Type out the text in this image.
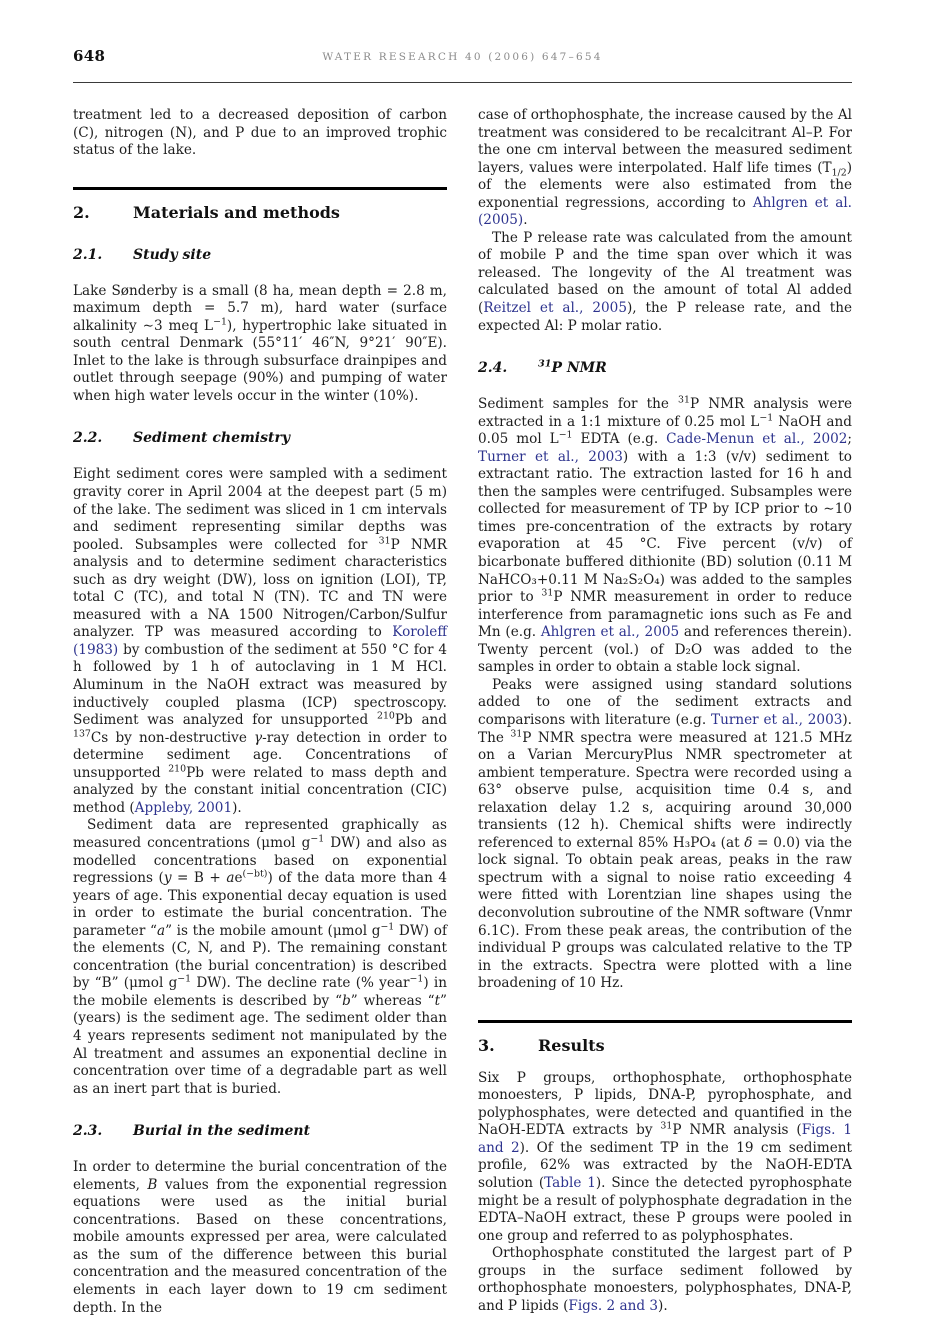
648	WATER RESEARCH 40 (2006) 647–654

treatment led to a decreased deposition of carbon (C), nitrogen (N), and P due to an improved trophic status of the lake.

2.	Materials and methods
2.1.	Study site

Lake Sønderby is a small (8 ha, mean depth = 2.8 m, maximum depth = 5.7 m), hard water (surface alkalinity ∼3 meq $L^{-1}$), hypertrophic lake situated in south central Denmark (55°11′ 46″N, 9°21′ 90″E). Inlet to the lake is through subsurface drainpipes and outlet through seepage (90%) and pumping of water when high water levels occur in the winter (10%).

2.2.	Sediment chemistry

Eight sediment cores were sampled with a sediment gravity corer in April 2004 at the deepest part (5 m) of the lake. The sediment was sliced in 1 cm intervals and sediment representing similar depths was pooled. Subsamples were collected for $^{31}$P NMR analysis and to determine sediment characteristics such as dry weight (DW), loss on ignition (LOI), TP, total C (TC), and total N (TN). TC and TN were measured with a NA 1500 Nitrogen/Carbon/Sulfur analyzer. TP was measured according to Koroleff (1983) by combustion of the sediment at 550 °C for 4 h followed by 1 h of autoclaving in 1 M HCl. Aluminum in the NaOH extract was measured by inductively coupled plasma (ICP) spectroscopy. Sediment was analyzed for unsupported $^{210}$Pb and $^{137}$Cs by non-destructive γ-ray detection in order to determine sediment age. Concentrations of unsupported $^{210}$Pb were related to mass depth and analyzed by the constant initial concentration (CIC) method (Appleby, 2001).

Sediment data are represented graphically as measured concentrations (μmol $g^{-1}$ DW) and also as modelled concentrations based on exponential regressions $(y = B + ae^{(-bt)})$ of the data more than 4 years of age. This exponential decay equation is used in order to estimate the burial concentration. The parameter “a” is the mobile amount (μmol $g^{-1}$ DW) of the elements (C, N, and P). The remaining constant concentration (the burial concentration) is described by “B” (μmol $g^{-1}$ DW). The decline rate (% year$^{-1}$) in the mobile elements is described by “b” whereas “t” (years) is the sediment age. The sediment older than 4 years represents sediment not manipulated by the Al treatment and assumes an exponential decline in concentration over time of a degradable part as well as an inert part that is buried.

2.3.	Burial in the sediment

In order to determine the burial concentration of the elements, B values from the exponential regression equations were used as the initial burial concentrations. Based on these concentrations, mobile amounts expressed per area, were calculated as the sum of the difference between this burial concentration and the measured concentration of the elements in each layer down to 19 cm sediment depth. In the

case of orthophosphate, the increase caused by the Al treatment was considered to be recalcitrant Al–P. For the one cm interval between the measured sediment layers, values were interpolated. Half life times $(T_{1/2})$ of the elements were also estimated from the exponential regressions, according to Ahlgren et al. (2005).

The P release rate was calculated from the amount of mobile P and the time span over which it was released. The longevity of the Al treatment was calculated based on the amount of total Al added (Reitzel et al., 2005), the P release rate, and the expected Al: P molar ratio.

2.4.	$^{31}$P NMR

Sediment samples for the $^{31}$P NMR analysis were extracted in a 1:1 mixture of 0.25 mol $L^{-1}$ NaOH and 0.05 mol $L^{-1}$ EDTA (e.g. Cade-Menun et al., 2002; Turner et al., 2003) with a 1:3 (v/v) sediment to extractant ratio. The extraction lasted for 16 h and then the samples were centrifuged. Subsamples were collected for measurement of TP by ICP prior to ∼10 times pre-concentration of the extracts by rotary evaporation at 45 °C. Five percent (v/v) of bicarbonate buffered dithionite (BD) solution (0.11 M NaHCO₃+0.11 M Na₂S₂O₄) was added to the samples prior to $^{31}$P NMR measurement in order to reduce interference from paramagnetic ions such as Fe and Mn (e.g. Ahlgren et al., 2005 and references therein). Twenty percent (vol.) of D₂O was added to the samples in order to obtain a stable lock signal.

Peaks were assigned using standard solutions added to one of the sediment extracts and comparisons with literature (e.g. Turner et al., 2003). The $^{31}$P NMR spectra were measured at 121.5 MHz on a Varian MercuryPlus NMR spectrometer at ambient temperature. Spectra were recorded using a 63° observe pulse, acquisition time 0.4 s, and relaxation delay 1.2 s, acquiring around 30,000 transients (12 h). Chemical shifts were indirectly referenced to external 85% H₃PO₄ (at δ = 0.0) via the lock signal. To obtain peak areas, peaks in the raw spectrum with a signal to noise ratio exceeding 4 were fitted with Lorentzian line shapes using the deconvolution subroutine of the NMR software (Vnmr 6.1C). From these peak areas, the contribution of the individual P groups was calculated relative to the TP in the extracts. Spectra were plotted with a line broadening of 10 Hz.

3.	Results

Six P groups, orthophosphate, orthophosphate monoesters, P lipids, DNA-P, pyrophosphate, and polyphosphates, were detected and quantified in the NaOH-EDTA extracts by $^{31}$P NMR analysis (Figs. 1 and 2). Of the sediment TP in the 19 cm sediment profile, 62% was extracted by the NaOH-EDTA solution (Table 1). Since the detected pyrophosphate might be a result of polyphosphate degradation in the EDTA–NaOH extract, these P groups were pooled in one group and referred to as polyphosphates.

Orthophosphate constituted the largest part of P groups in the surface sediment followed by orthophosphate monoesters, polyphosphates, DNA-P, and P lipids (Figs. 2 and 3).
